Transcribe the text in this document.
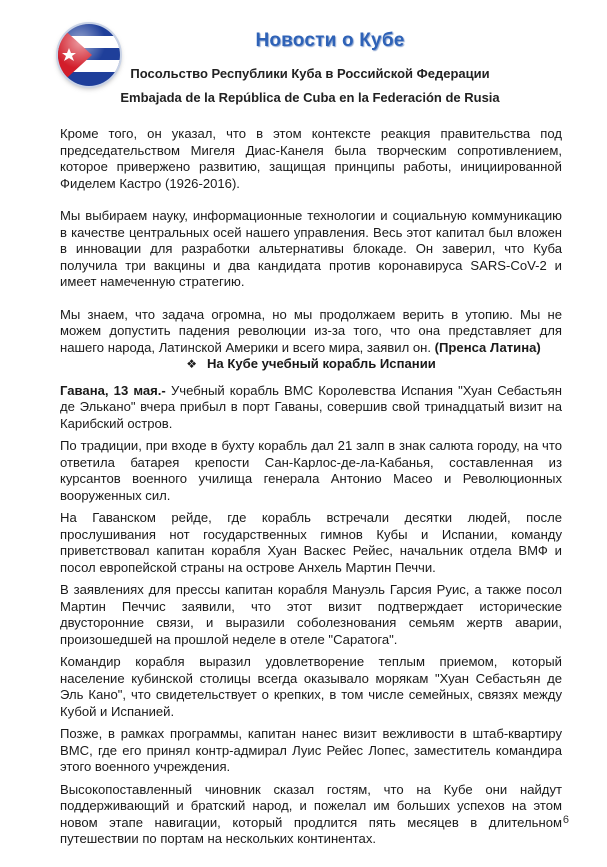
Новости о Кубе
Посольство Республики Куба в Российской Федерации
Embajada de la República de Cuba en la Federación de Rusia

Кроме того, он указал, что в этом контексте реакция правительства под председательством Мигеля Диас-Канеля была творческим сопротивлением, которое привержено развитию, защищая принципы работы, инициированной Фиделем Кастро (1926-2016).

Мы выбираем науку, информационные технологии и социальную коммуникацию в качестве центральных осей нашего управления. Весь этот капитал был вложен в инновации для разработки альтернативы блокаде. Он заверил, что Куба получила три вакцины и два кандидата против коронавируса SARS-CoV-2 и имеет намеченную стратегию.

Мы знаем, что задача огромна, но мы продолжаем верить в утопию. Мы не можем допустить падения революции из-за того, что она представляет для нашего народа, Латинской Америки и всего мира, заявил он. (Пренса Латина)

❖ На Кубе учебный корабль Испании

Гавана, 13 мая.- Учебный корабль ВМС Королевства Испания "Хуан Себастьян де Элькано" вчера прибыл в порт Гаваны, совершив свой тринадцатый визит на Карибский остров.

По традиции, при входе в бухту корабль дал 21 залп в знак салюта городу, на что ответила батарея крепости Сан-Карлос-де-ла-Кабанья, составленная из курсантов военного училища генерала Антонио Масео и Революционных вооруженных сил.

На Гаванском рейде, где корабль встречали десятки людей, после прослушивания нот государственных гимнов Кубы и Испании, команду приветствовал капитан корабля Хуан Васкес Рейес, начальник отдела ВМФ и посол европейской страны на острове Анхель Мартин Печчи.

В заявлениях для прессы капитан корабля Мануэль Гарсия Руис, а также посол Мартин Печчис заявили, что этот визит подтверждает исторические двусторонние связи, и выразили соболезнования семьям жертв аварии, произошедшей на прошлой неделе в отеле "Саратога".

Командир корабля выразил удовлетворение теплым приемом, который население кубинской столицы всегда оказывало морякам "Хуан Себастьян де Эль Кано", что свидетельствует о крепких, в том числе семейных, связях между Кубой и Испанией.

Позже, в рамках программы, капитан нанес визит вежливости в штаб-квартиру ВМС, где его принял контр-адмирал Луис Рейес Лопес, заместитель командира этого военного учреждения.

Высокопоставленный чиновник сказал гостям, что на Кубе они найдут поддерживающий и братский народ, и пожелал им больших успехов на этом новом этапе навигации, который продлится пять месяцев в длительном путешествии по портам на нескольких континентах.

6
